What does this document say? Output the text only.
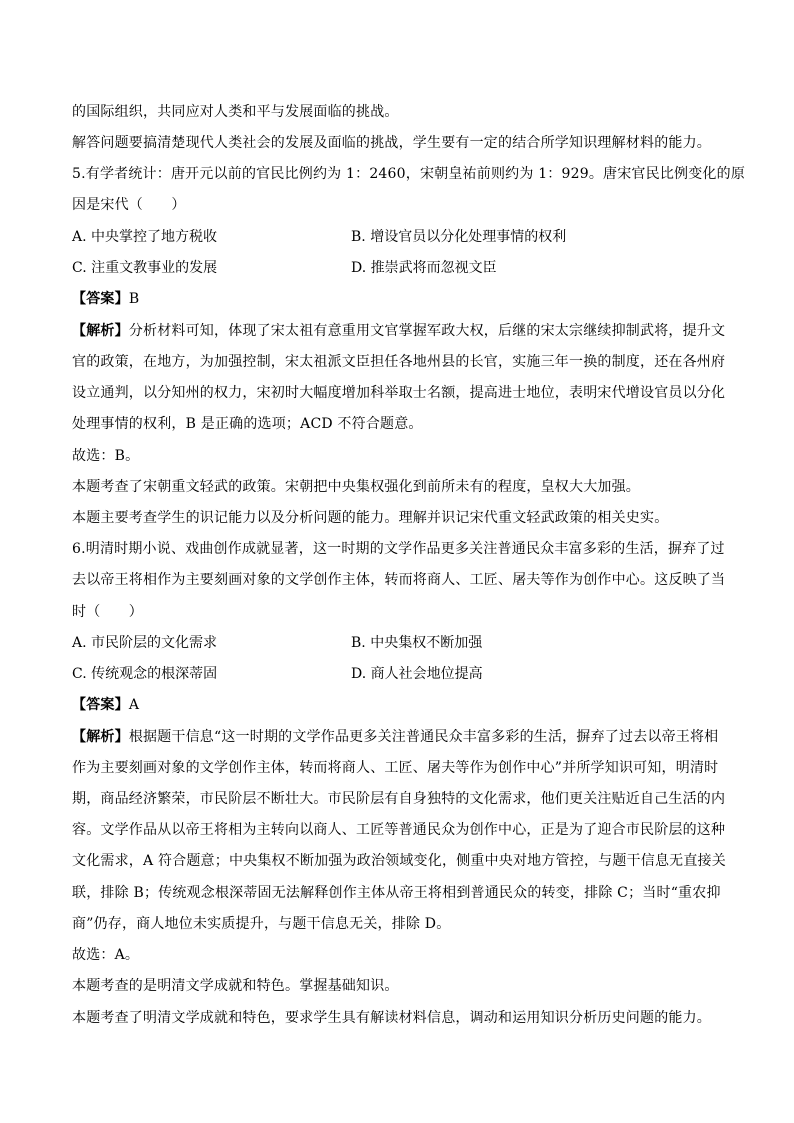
的国际组织，共同应对人类和平与发展面临的挑战。
解答问题要搞清楚现代人类社会的发展及面临的挑战，学生要有一定的结合所学知识理解材料的能力。
5.有学者统计：唐开元以前的官民比例约为 1：2460，宋朝皇祐前则约为 1：929。唐宋官民比例变化的原
因是宋代（　　）
A. 中央掌控了地方税收	B. 增设官员以分化处理事情的权利
C. 注重文教事业的发展	D. 推崇武将而忽视文臣
【答案】B
【解析】分析材料可知，体现了宋太祖有意重用文官掌握军政大权，后继的宋太宗继续抑制武将，提升文
官的政策，在地方，为加强控制，宋太祖派文臣担任各地州县的长官，实施三年一换的制度，还在各州府
设立通判，以分知州的权力，宋初时大幅度增加科举取士名额，提高进士地位，表明宋代增设官员以分化
处理事情的权利，B 是正确的选项；ACD 不符合题意。
故选：B。
本题考查了宋朝重文轻武的政策。宋朝把中央集权强化到前所未有的程度，皇权大大加强。
本题主要考查学生的识记能力以及分析问题的能力。理解并识记宋代重文轻武政策的相关史实。
6.明清时期小说、戏曲创作成就显著，这一时期的文学作品更多关注普通民众丰富多彩的生活，摒弃了过
去以帝王将相作为主要刻画对象的文学创作主体，转而将商人、工匠、屠夫等作为创作中心。这反映了当
时（　　）
A. 市民阶层的文化需求	B. 中央集权不断加强
C. 传统观念的根深蒂固	D. 商人社会地位提高
【答案】A
【解析】根据题干信息“这一时期的文学作品更多关注普通民众丰富多彩的生活，摒弃了过去以帝王将相
作为主要刻画对象的文学创作主体，转而将商人、工匠、屠夫等作为创作中心”并所学知识可知，明清时
期，商品经济繁荣，市民阶层不断壮大。市民阶层有自身独特的文化需求，他们更关注贴近自己生活的内
容。文学作品从以帝王将相为主转向以商人、工匠等普通民众为创作中心，正是为了迎合市民阶层的这种
文化需求，A 符合题意；中央集权不断加强为政治领域变化，侧重中央对地方管控，与题干信息无直接关
联，排除 B；传统观念根深蒂固无法解释创作主体从帝王将相到普通民众的转变，排除 C；当时“重农抑
商”仍存，商人地位未实质提升，与题干信息无关，排除 D。
故选：A。
本题考查的是明清文学成就和特色。掌握基础知识。
本题考查了明清文学成就和特色，要求学生具有解读材料信息，调动和运用知识分析历史问题的能力。
